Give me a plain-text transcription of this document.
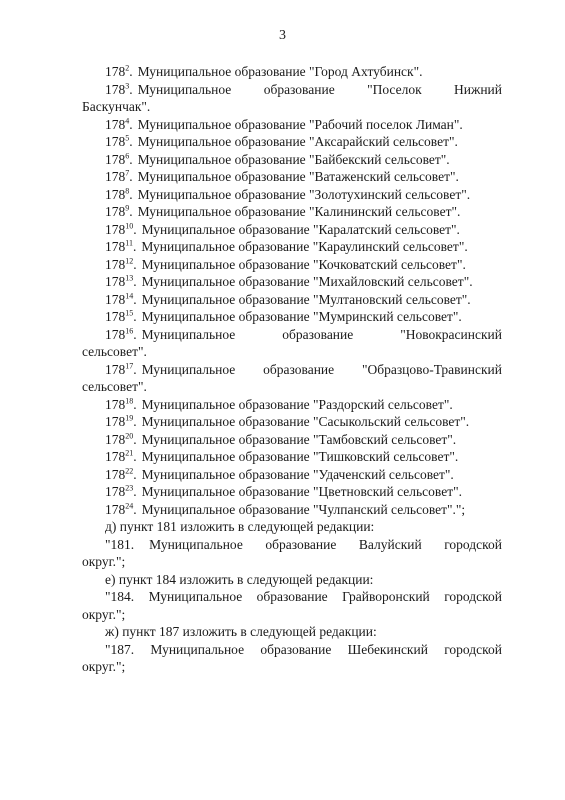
3

$178^2$. Муниципальное образование "Город Ахтубинск".

$178^3$. Муниципальное        образование        "Поселок        Нижний

Баскунчак".

$178^4$. Муниципальное образование "Рабочий поселок Лиман".

$178^5$. Муниципальное образование "Аксарайский сельсовет".

$178^6$. Муниципальное образование "Байбекский сельсовет".

$178^7$. Муниципальное образование "Ватаженский сельсовет".

$178^8$. Муниципальное образование "Золотухинский сельсовет".

$178^9$. Муниципальное образование "Калининский сельсовет".

$178^{10}$. Муниципальное образование "Каралатский сельсовет".

$178^{11}$. Муниципальное образование "Караулинский сельсовет".

$178^{12}$. Муниципальное образование "Кочковатский сельсовет".

$178^{13}$. Муниципальное образование "Михайловский сельсовет".

$178^{14}$. Муниципальное образование "Мултановский сельсовет".

$178^{15}$. Муниципальное образование "Мумринский сельсовет".

$178^{16}$. Муниципальное        образование        "Новокрасинский

сельсовет".

$178^{17}$. Муниципальное    образование    "Образцово-Травинский

сельсовет".

$178^{18}$. Муниципальное образование "Раздорский сельсовет".

$178^{19}$. Муниципальное образование "Сасыкольский сельсовет".

$178^{20}$. Муниципальное образование "Тамбовский сельсовет".

$178^{21}$. Муниципальное образование "Тишковский сельсовет".

$178^{22}$. Муниципальное образование "Удаченский сельсовет".

$178^{23}$. Муниципальное образование "Цветновский сельсовет".

$178^{24}$. Муниципальное образование "Чулпанский сельсовет".";

д) пункт 181 изложить в следующей редакции:

"181.  Муниципальное   образование   Валуйский   городской

округ.";

е) пункт 184 изложить в следующей редакции:

"184.  Муниципальное  образование  Грайворонский  городской

округ.";

ж) пункт 187 изложить в следующей редакции:

"187.  Муниципальное  образование  Шебекинский  городской

округ.";
